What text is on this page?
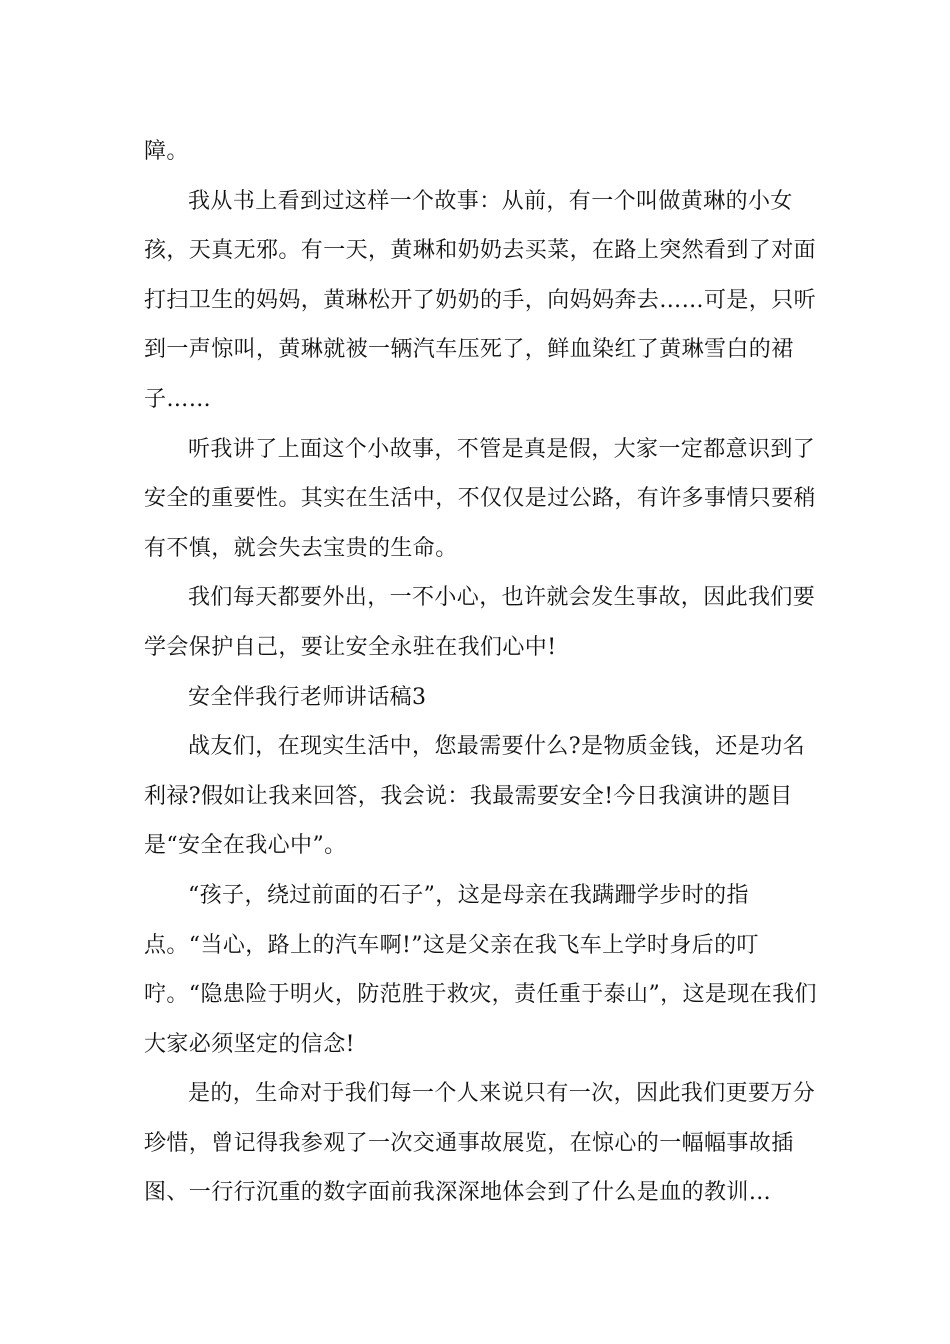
障。

我从书上看到过这样一个故事：从前，有一个叫做黄琳的小女孩，天真无邪。有一天，黄琳和奶奶去买菜，在路上突然看到了对面打扫卫生的妈妈，黄琳松开了奶奶的手，向妈妈奔去……可是，只听到一声惊叫，黄琳就被一辆汽车压死了，鲜血染红了黄琳雪白的裙子……

听我讲了上面这个小故事，不管是真是假，大家一定都意识到了安全的重要性。其实在生活中，不仅仅是过公路，有许多事情只要稍有不慎，就会失去宝贵的生命。

我们每天都要外出，一不小心，也许就会发生事故，因此我们要学会保护自己，要让安全永驻在我们心中!

安全伴我行老师讲话稿3

战友们，在现实生活中，您最需要什么?是物质金钱，还是功名利禄?假如让我来回答，我会说：我最需要安全!今日我演讲的题目是“安全在我心中”。

“孩子，绕过前面的石子”，这是母亲在我蹒跚学步时的指点。“当心，路上的汽车啊!”这是父亲在我飞车上学时身后的叮咛。“隐患险于明火，防范胜于救灾，责任重于泰山”，这是现在我们大家必须坚定的信念!

是的，生命对于我们每一个人来说只有一次，因此我们更要万分珍惜，曾记得我参观了一次交通事故展览，在惊心的一幅幅事故插图、一行行沉重的数字面前我深深地体会到了什么是血的教训…
